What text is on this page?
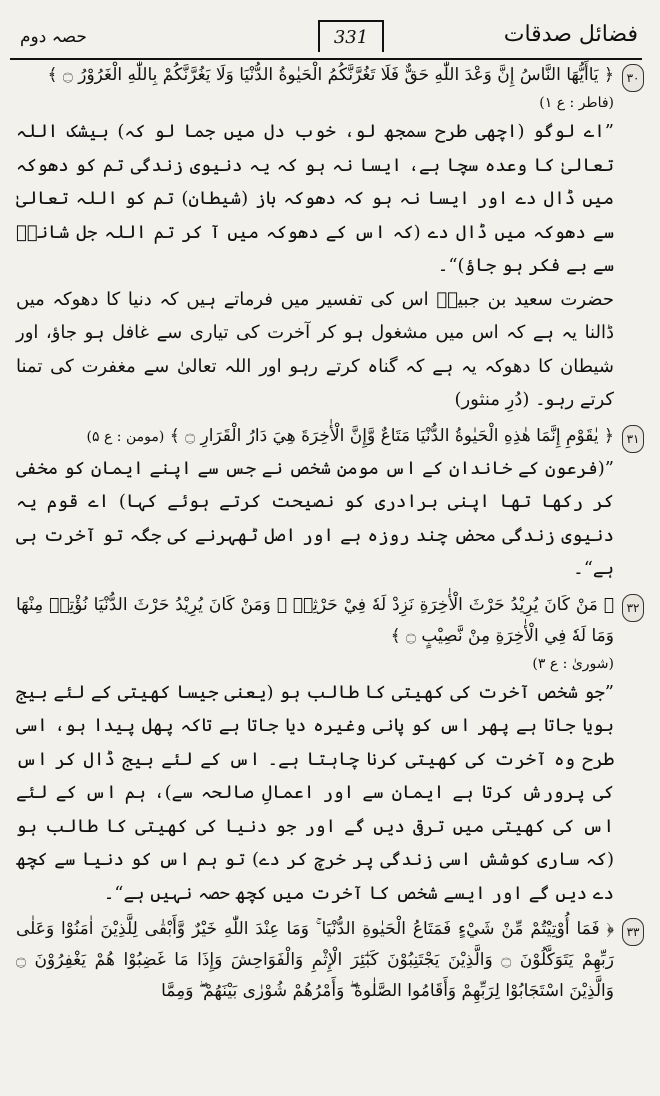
حصہ دوم	331	فضائل صدقات
۳۰

﴿ يَاأَيُّهَا النَّاسُ إِنَّ وَعْدَ اللّٰهِ حَقٌّ فَلَا تَغُرَّنَّكُمُ الْحَيٰوةُ الدُّنْيَا وَلَا يَغُرَّنَّكُمْ بِاللّٰهِ الْغَرُوْرُ ۝ ﴾

(فاطر : ع ۱)

”اے لوگو (اچھی طرح سمجھ لو، خوب دل میں جما لو کہ) بیشک اللہ تعالیٰ کا وعدہ سچا ہے، ایسا نہ ہو کہ یہ دنیوی زندگی تم کو دھوکہ میں ڈال دے اور ایسا نہ ہو کہ دھوکہ باز (شیطان) تم کو اللہ تعالیٰ سے دھوکہ میں ڈال دے (کہ اس کے دھوکہ میں آ کر تم اللہ جل شانہٗ سے بے فکر ہو جاؤ)“۔

حضرت سعید بن جبیرؒ اس کی تفسیر میں فرماتے ہیں کہ دنیا کا دھوکہ میں ڈالنا یہ ہے کہ اس میں مشغول ہو کر آخرت کی تیاری سے غافل ہو جاؤ، اور شیطان کا دھوکہ یہ ہے کہ گناہ کرتے رہو اور اللہ تعالیٰ سے مغفرت کی تمنا کرتے رہو۔ (دُرِ منثور)

۳۱

﴿ يٰقَوْمِ إِنَّمَا هٰذِهِ الْحَيٰوةُ الدُّنْيَا مَتَاعٌ وَّإِنَّ الْأٰخِرَةَ هِيَ دَارُ الْقَرَارِ ۝ ﴾ (مومن : ع ۵)

”(فرعون کے خاندان کے اس مومن شخص نے جس سے اپنے ایمان کو مخفی کر رکھا تھا اپنی برادری کو نصیحت کرتے ہوئے کہا) اے قوم یہ دنیوی زندگی محض چند روزہ ہے اور اصل ٹھہرنے کی جگہ تو آخرت ہی ہے“۔

۳۲

﴿ مَنْ كَانَ يُرِيْدُ حَرْثَ الْأٰخِرَةِ نَزِدْ لَهٗ فِيْ حَرْثِهٖ ۚ وَمَنْ كَانَ يُرِيْدُ حَرْثَ الدُّنْيَا نُؤْتِهٖ مِنْهَا وَمَا لَهٗ فِي الْأٰخِرَةِ مِنْ نَّصِيْبٍ ۝ ﴾

(شوریٰ : ع ۳)

”جو شخص آخرت کی کھیتی کا طالب ہو (یعنی جیسا کھیتی کے لئے بیج بویا جاتا ہے پھر اس کو پانی وغیرہ دیا جاتا ہے تاکہ پھل پیدا ہو، اسی طرح وہ آخرت کی کھیتی کرنا چاہتا ہے۔ اس کے لئے بیج ڈال کر اس کی پرورش کرتا ہے ایمان سے اور اعمالِ صالحہ سے)، ہم اس کے لئے اس کی کھیتی میں ترقی دیں گے اور جو دنیا کی کھیتی کا طالب ہو (کہ ساری کوشش اسی زندگی پر خرچ کر دے) تو ہم اس کو دنیا سے کچھ دے دیں گے اور ایسے شخص کا آخرت میں کچھ حصہ نہیں ہے“۔

۳۳

﴿ فَمَا أُوْتِيْتُمْ مِّنْ شَيْءٍ فَمَتَاعُ الْحَيٰوةِ الدُّنْيَا ۚ وَمَا عِنْدَ اللّٰهِ خَيْرٌ وَّأَبْقٰى لِلَّذِيْنَ اٰمَنُوْا وَعَلٰى رَبِّهِمْ يَتَوَكَّلُوْنَ ۝ وَالَّذِيْنَ يَجْتَنِبُوْنَ كَبٰٓئِرَ الْإِثْمِ وَالْفَوَاحِشَ وَإِذَا مَا غَضِبُوْا هُمْ يَغْفِرُوْنَ ۝ وَالَّذِيْنَ اسْتَجَابُوْا لِرَبِّهِمْ وَأَقَامُوا الصَّلٰوةَ ۖ وَأَمْرُهُمْ شُوْرٰى بَيْنَهُمْ ۖ وَمِمَّا
